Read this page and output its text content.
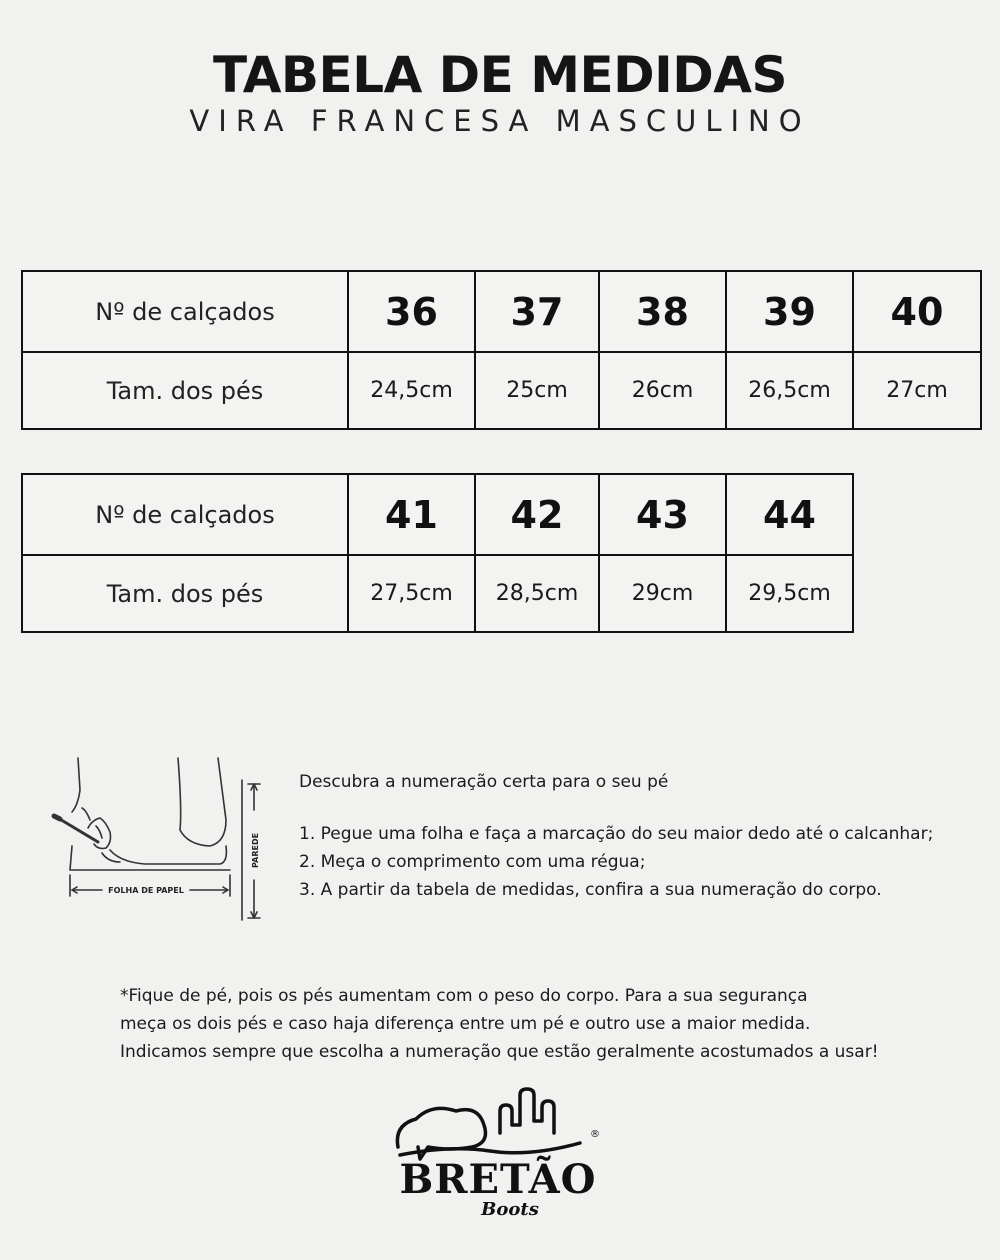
TABELA DE MEDIDAS
VIRA FRANCESA MASCULINO
Nº de calçados	36	37	38	39	40
Tam. dos pés	24,5cm	25cm	26cm	26,5cm	27cm
Nº de calçados	41	42	43	44
Tam. dos pés	27,5cm	28,5cm	29cm	29,5cm
FOLHA DE PAPEL
PAREDE
Descubra a numeração certa para o seu pé
1. Pegue uma folha e faça a marcação do seu maior dedo até o calcanhar;
2. Meça o comprimento com uma régua;
3. A partir da tabela de medidas, confira a sua numeração do corpo.
*Fique de pé, pois os pés aumentam com o peso do corpo. Para a sua segurança
meça os dois pés e caso haja diferença entre um pé e outro use a maior medida.
Indicamos sempre que escolha a numeração que estão geralmente acostumados a usar!
®
BRETÃO
Boots
